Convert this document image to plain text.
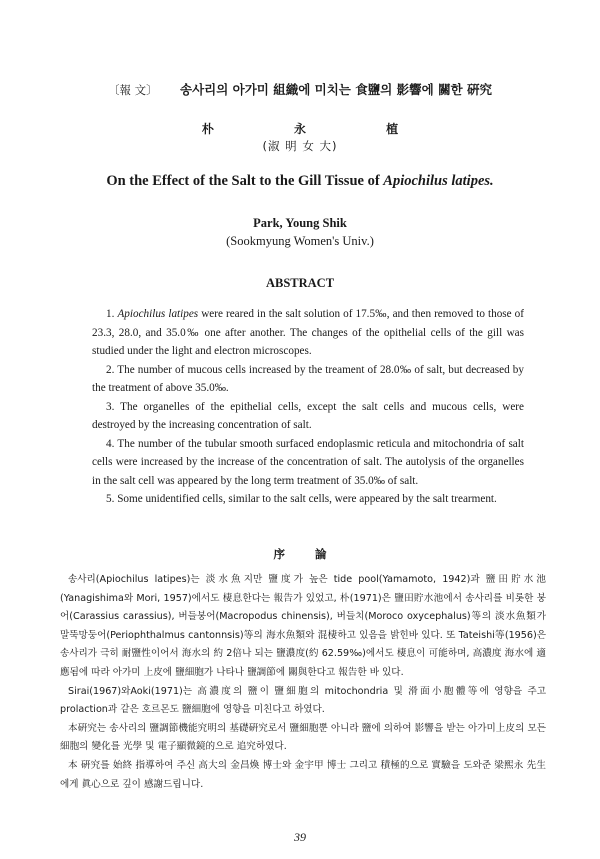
〔報 文〕 송사리의 아가미 組織에 미치는 食鹽의 影響에 關한 硏究
朴 永 植
(淑 明 女 大)
On the Effect of the Salt to the Gill Tissue of Apiochilus latipes.
Park, Young Shik
(Sookmyung Women's Univ.)
ABSTRACT

1. Apiochilus latipes were reared in the salt solution of 17.5‰, and then removed to those of 23.3, 28.0, and 35.0‰ one after another. The changes of the opithelial cells of the gill was studied under the light and electron microscopes.

2. The number of mucous cells increased by the treament of 28.0‰ of salt, but decreased by the treatment of above 35.0‰.

3. The organelles of the epithelial cells, except the salt cells and mucous cells, were destroyed by the increasing concentration of salt.

4. The number of the tubular smooth surfaced endoplasmic reticula and mitochondria of salt cells were increased by the increase of the concentration of salt. The autolysis of the organelles in the salt cell was appeared by the long term treatment of 35.0‰ of salt.

5. Some unidentified cells, similar to the salt cells, were appeared by the salt trearment.

序論

송사리(Apiochilus latipes)는 淡水魚지만 鹽度가 높은 tide pool(Yamamoto, 1942)과 鹽田貯水池(Yanagishima와 Mori, 1957)에서도 棲息한다는 報告가 있었고, 朴(1971)은 鹽田貯水池에서 송사리를 비롯한 붕어(Carassius carassius), 버들붕어(Macropodus chinensis), 버들치(Moroco oxycephalus)等의 淡水魚類가 말뚝망둥어(Periophthalmus cantonnsis)等의 海水魚類와 混棲하고 있음을 밝힌바 있다. 또 Tateishi等(1956)은 송사리가 극히 耐鹽性이어서 海水의 約 2倍나 되는 鹽濃度(約 62.59‰)에서도 棲息이 可能하며, 高濃度 海水에 適應됨에 따라 아가미 上皮에 鹽細胞가 나타나 鹽調節에 關與한다고 報告한 바 있다.

Sirai(1967)와Aoki(1971)는 高濃度의 鹽이 鹽細胞의 mitochondria 및 滑面小胞體等에 영향을 주고 prolaction과 같은 호르몬도 鹽細胞에 영향을 미친다고 하였다.

本硏究는 송사리의 鹽調節機能究明의 基礎硏究로서 鹽細胞뿐 아니라 鹽에 의하여 影響을 받는 아가미上皮의 모든 細胞의 變化를 光學 및 電子顯微鏡的으로 追究하였다.

本 硏究를 始終 指導하여 주신 高大의 金昌煥 博士와 金宇甲 博士 그리고 積極的으로 實驗을 도와준 梁熙永 先生에게 眞心으로 깊이 感謝드립니다.

39
